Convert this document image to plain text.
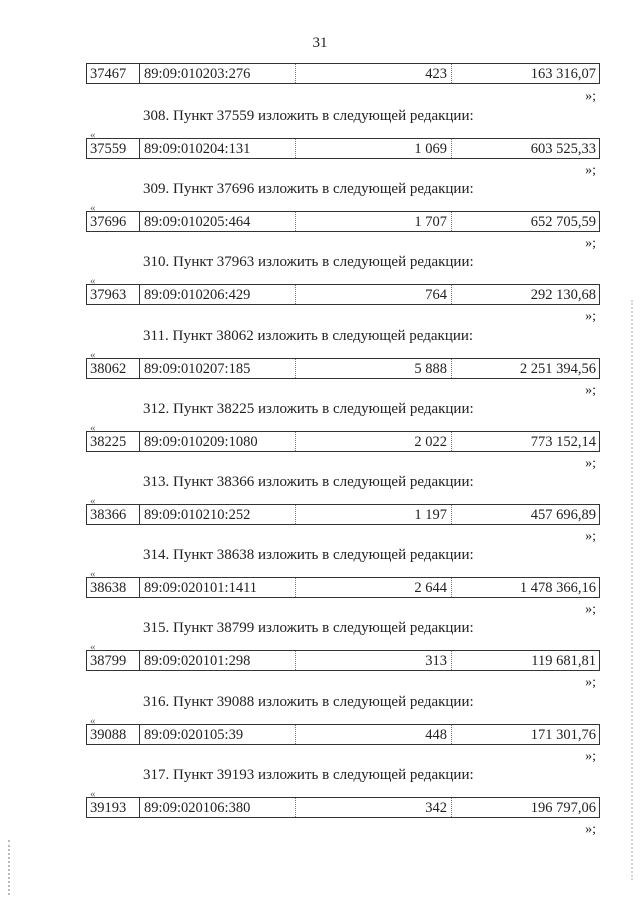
31
37467	89:09:010203:276	423	163 316,07
»;
308. Пункт 37559 изложить в следующей редакции:
«
37559	89:09:010204:131	1 069	603 525,33
»;
309. Пункт 37696 изложить в следующей редакции:
«
37696	89:09:010205:464	1 707	652 705,59
»;
310. Пункт 37963 изложить в следующей редакции:
«
37963	89:09:010206:429	764	292 130,68
»;
311. Пункт 38062 изложить в следующей редакции:
«
38062	89:09:010207:185	5 888	2 251 394,56
»;
312. Пункт 38225 изложить в следующей редакции:
«
38225	89:09:010209:1080	2 022	773 152,14
»;
313. Пункт 38366 изложить в следующей редакции:
«
38366	89:09:010210:252	1 197	457 696,89
»;
314. Пункт 38638 изложить в следующей редакции:
«
38638	89:09:020101:1411	2 644	1 478 366,16
»;
315. Пункт 38799 изложить в следующей редакции:
«
38799	89:09:020101:298	313	119 681,81
»;
316. Пункт 39088 изложить в следующей редакции:
«
39088	89:09:020105:39	448	171 301,76
»;
317. Пункт 39193 изложить в следующей редакции:
«
39193	89:09:020106:380	342	196 797,06
»;
